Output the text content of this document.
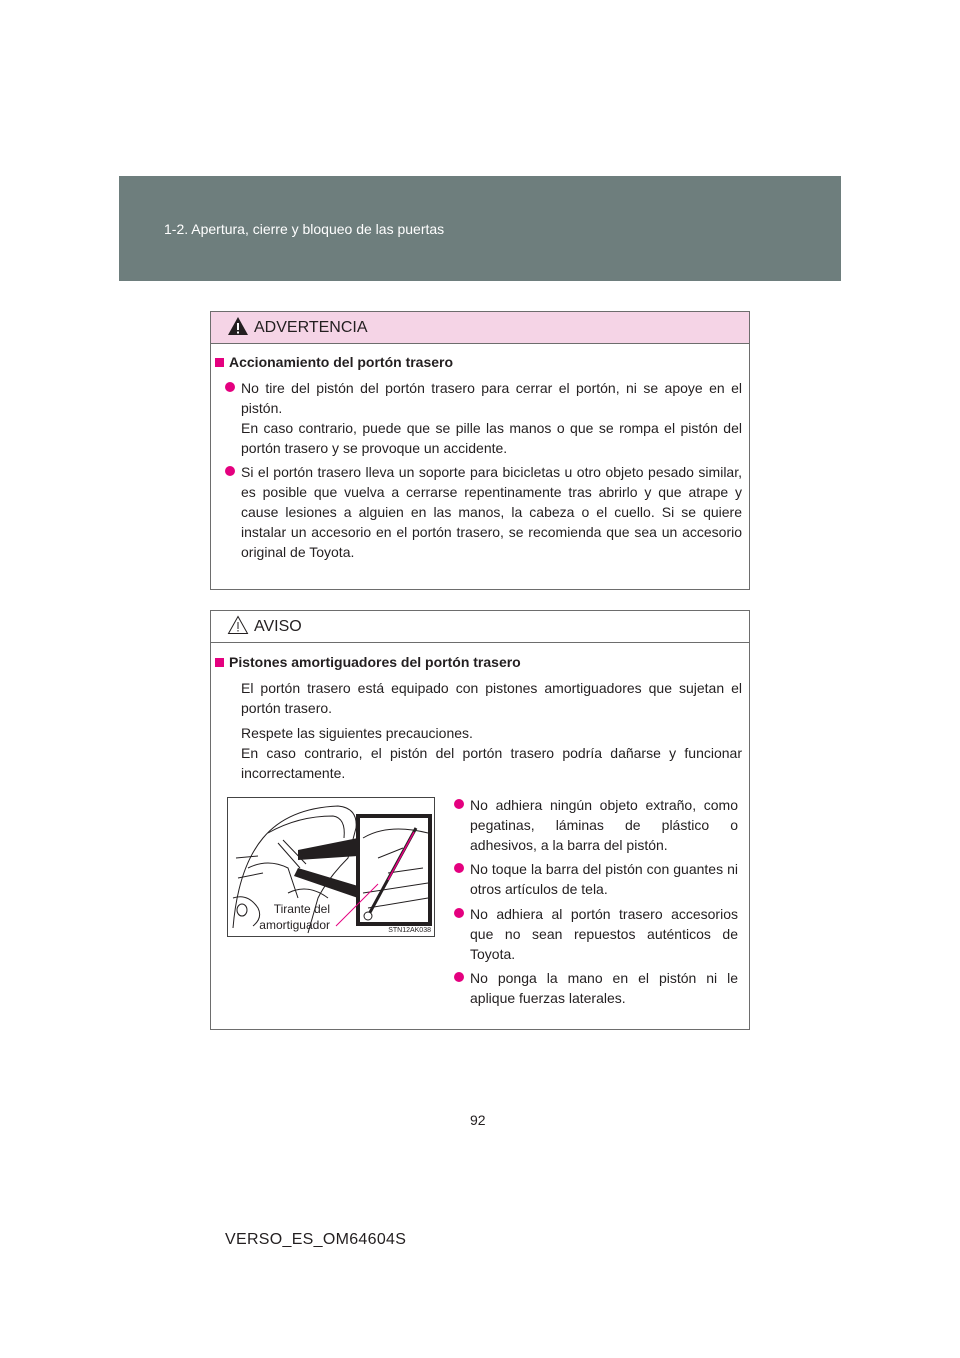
1-2. Apertura, cierre y bloqueo de las puertas
ADVERTENCIA
Accionamiento del portón trasero
No tire del pistón del portón trasero para cerrar el portón, ni se apoye en el pistón.
En caso contrario, puede que se pille las manos o que se rompa el pistón del portón trasero y se provoque un accidente.
Si el portón trasero lleva un soporte para bicicletas u otro objeto pesado similar, es posible que vuelva a cerrarse repentinamente tras abrirlo y que atrape y cause lesiones a alguien en las manos, la cabeza o el cuello. Si se quiere instalar un accesorio en el portón trasero, se recomienda que sea un accesorio original de Toyota.
AVISO
Pistones amortiguadores del portón trasero
El portón trasero está equipado con pistones amortiguadores que sujetan el portón trasero.
Respete las siguientes precauciones.
En caso contrario, el pistón del portón trasero podría dañarse y funcionar incorrectamente.
Tirante del
amortiguador	STN12AK038
No adhiera ningún objeto extraño, como pegatinas, láminas de plástico o adhesivos, a la barra del pistón.
No toque la barra del pistón con guantes ni otros artículos de tela.
No adhiera al portón trasero accesorios que no sean repuestos auténticos de Toyota.
No ponga la mano en el pistón ni le aplique fuerzas laterales.
92
VERSO_ES_OM64604S
